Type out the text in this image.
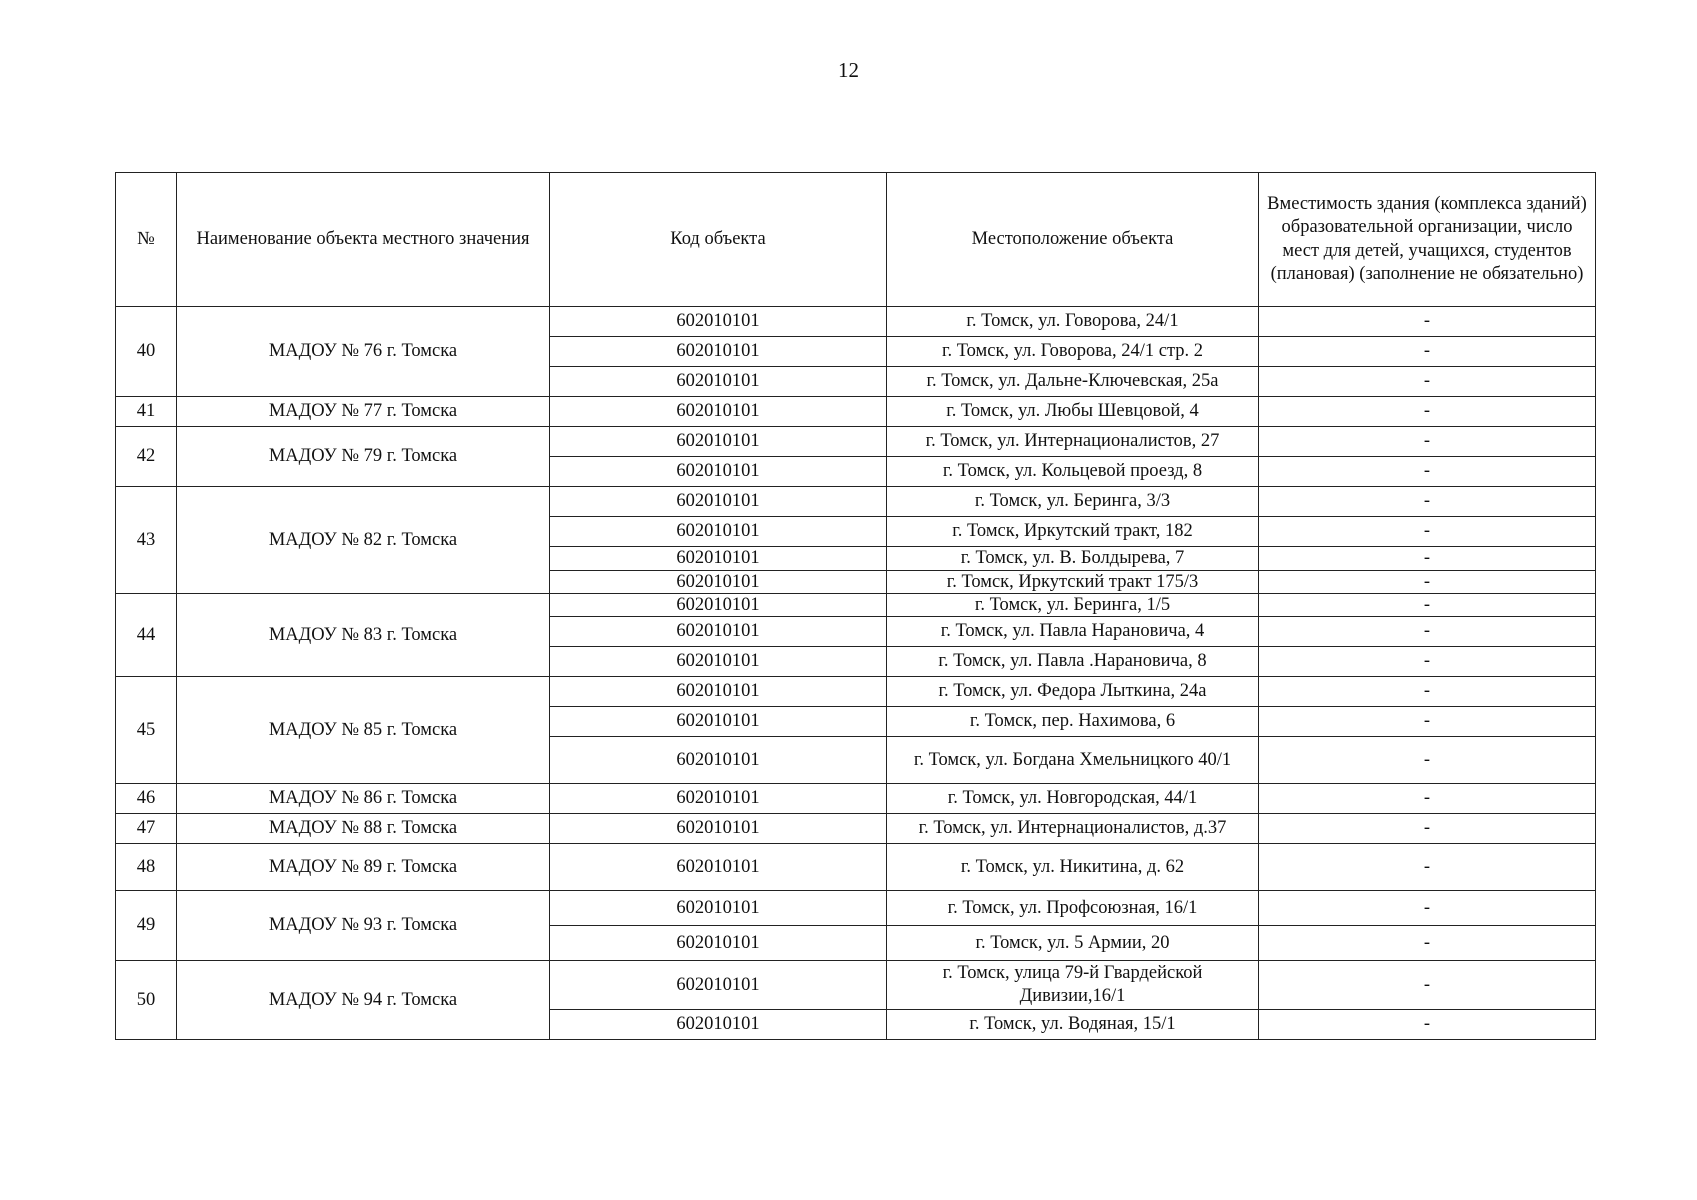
12
№	Наименование объекта местного значения	Код объекта	Местоположение объекта	Вместимость здания (комплекса зданий) образовательной организации, число мест для детей, учащихся, студентов (плановая) (заполнение не обязательно)
40	МАДОУ № 76 г. Томска	602010101	г. Томск, ул. Говорова, 24/1	-
		602010101	г. Томск, ул. Говорова, 24/1 стр. 2	-
		602010101	г. Томск, ул. Дальне-Ключевская, 25а	-
41	МАДОУ № 77 г. Томска	602010101	г. Томск, ул. Любы Шевцовой, 4	-
42	МАДОУ № 79 г. Томска	602010101	г. Томск, ул. Интернационалистов, 27	-
		602010101	г. Томск, ул. Кольцевой проезд, 8	-
43	МАДОУ № 82 г. Томска	602010101	г. Томск, ул. Беринга, 3/3	-
		602010101	г. Томск, Иркутский тракт, 182	-
		602010101	г. Томск, ул. В. Болдырева, 7	-
		602010101	г. Томск, Иркутский тракт 175/3	-
44	МАДОУ № 83 г. Томска	602010101	г. Томск, ул. Беринга, 1/5	-
		602010101	г. Томск, ул. Павла Нарановича, 4	-
		602010101	г. Томск, ул. Павла .Нарановича, 8	-
45	МАДОУ № 85 г. Томска	602010101	г. Томск, ул. Федора Лыткина, 24а	-
		602010101	г. Томск, пер. Нахимова, 6	-
		602010101	г. Томск, ул. Богдана Хмельницкого 40/1	-
46	МАДОУ № 86 г. Томска	602010101	г. Томск, ул. Новгородская, 44/1	-
47	МАДОУ № 88 г. Томска	602010101	г. Томск, ул. Интернационалистов, д.37	-
48	МАДОУ № 89 г. Томска	602010101	г. Томск, ул. Никитина, д. 62	-
49	МАДОУ № 93 г. Томска	602010101	г. Томск, ул. Профсоюзная, 16/1	-
		602010101	г. Томск, ул. 5 Армии, 20	-
50	МАДОУ № 94 г. Томска	602010101	г. Томск, улица 79-й Гвардейской Дивизии,16/1	-
		602010101	г. Томск, ул. Водяная, 15/1	-
